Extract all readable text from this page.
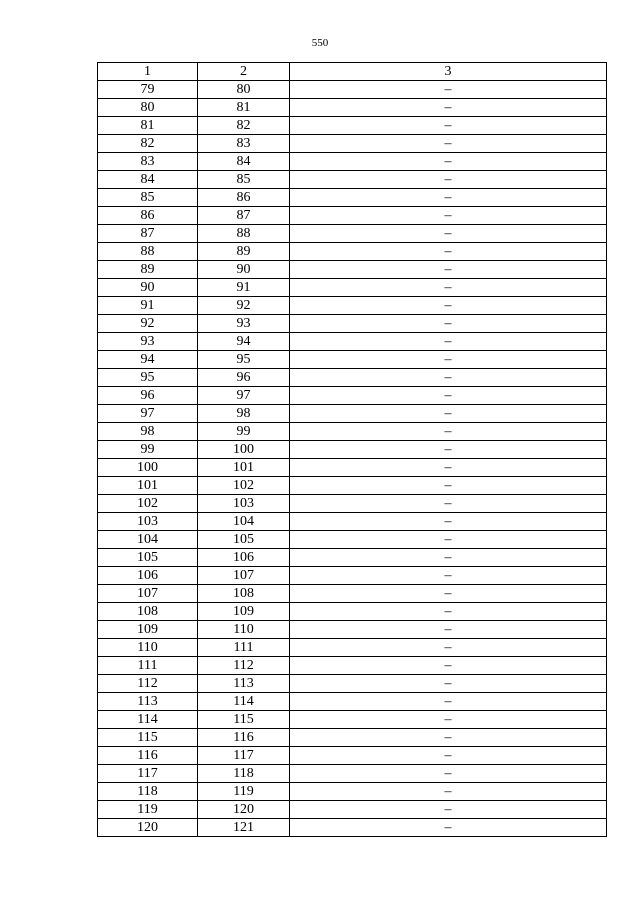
550
1	2	3
79	80	–
80	81	–
81	82	–
82	83	–
83	84	–
84	85	–
85	86	–
86	87	–
87	88	–
88	89	–
89	90	–
90	91	–
91	92	–
92	93	–
93	94	–
94	95	–
95	96	–
96	97	–
97	98	–
98	99	–
99	100	–
100	101	–
101	102	–
102	103	–
103	104	–
104	105	–
105	106	–
106	107	–
107	108	–
108	109	–
109	110	–
110	111	–
111	112	–
112	113	–
113	114	–
114	115	–
115	116	–
116	117	–
117	118	–
118	119	–
119	120	–
120	121	–
